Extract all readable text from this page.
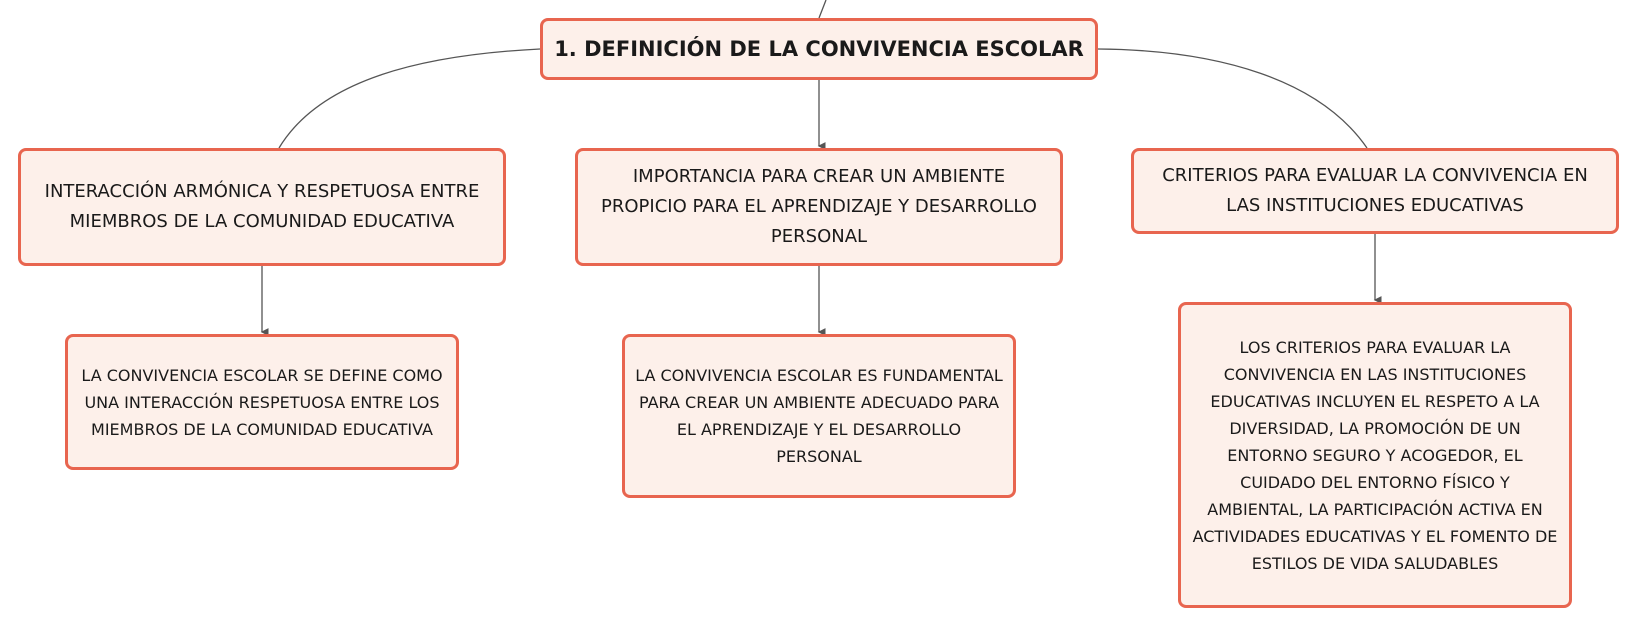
1. DEFINICIÓN DE LA CONVIVENCIA ESCOLAR
INTERACCIÓN ARMÓNICA Y RESPETUOSA ENTRE MIEMBROS DE LA COMUNIDAD EDUCATIVA
IMPORTANCIA PARA CREAR UN AMBIENTE PROPICIO PARA EL APRENDIZAJE Y DESARROLLO PERSONAL
CRITERIOS PARA EVALUAR LA CONVIVENCIA EN LAS INSTITUCIONES EDUCATIVAS
LA CONVIVENCIA ESCOLAR SE DEFINE COMO UNA INTERACCIÓN RESPETUOSA ENTRE LOS MIEMBROS DE LA COMUNIDAD EDUCATIVA
LA CONVIVENCIA ESCOLAR ES FUNDAMENTAL PARA CREAR UN AMBIENTE ADECUADO PARA EL APRENDIZAJE Y EL DESARROLLO PERSONAL
LOS CRITERIOS PARA EVALUAR LA CONVIVENCIA EN LAS INSTITUCIONES EDUCATIVAS INCLUYEN EL RESPETO A LA DIVERSIDAD, LA PROMOCIÓN DE UN ENTORNO SEGURO Y ACOGEDOR, EL CUIDADO DEL ENTORNO FÍSICO Y AMBIENTAL, LA PARTICIPACIÓN ACTIVA EN ACTIVIDADES EDUCATIVAS Y EL FOMENTO DE ESTILOS DE VIDA SALUDABLES
